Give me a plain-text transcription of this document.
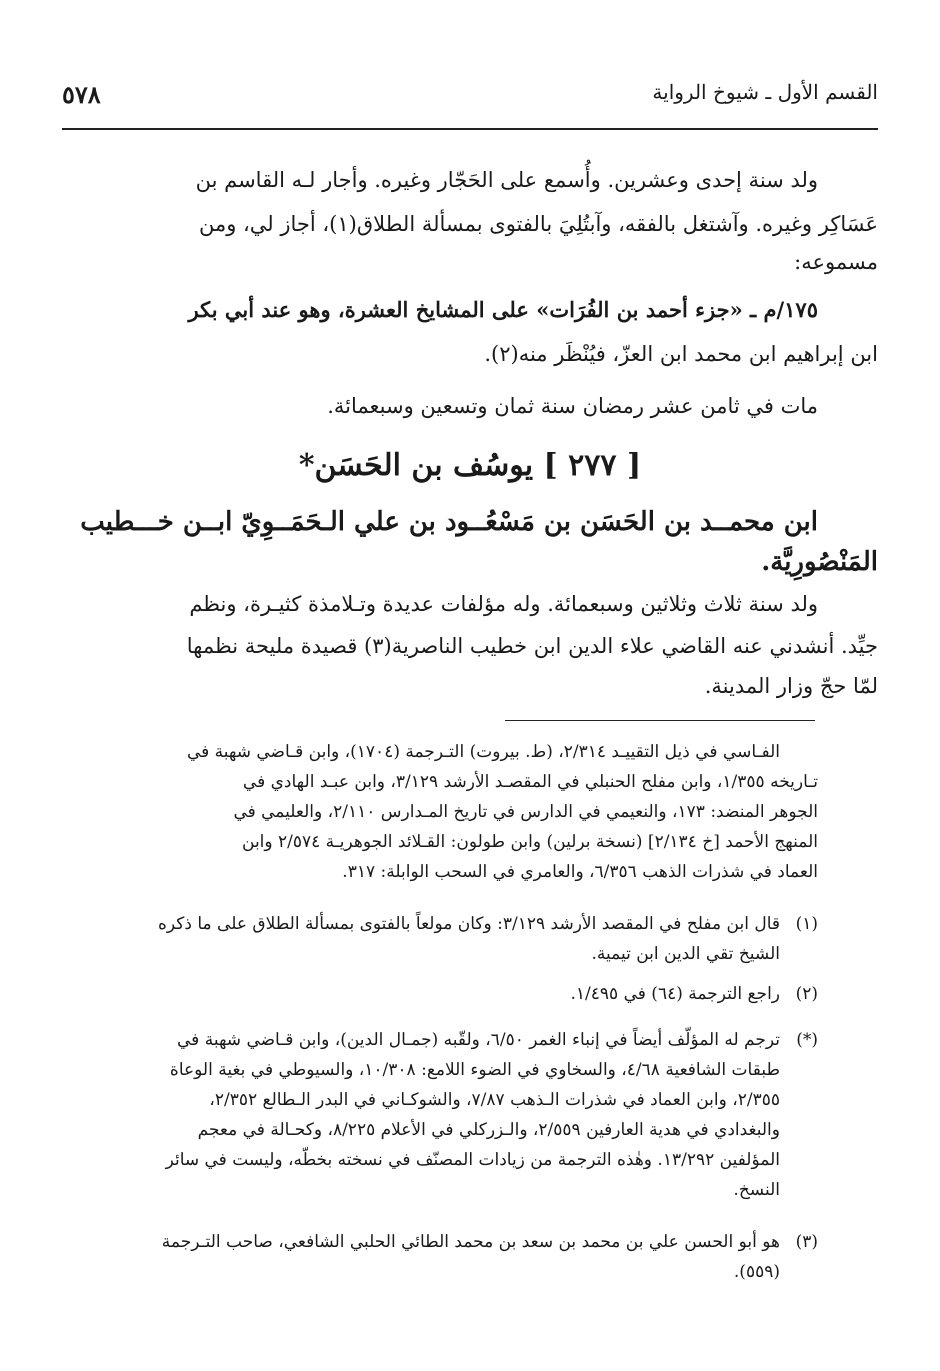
القسم الأول ـ شيوخ الرواية
٥٧٨
ولد سنة إحدى وعشرين. وأُسمع على الحَجّار وغيره. وأجار لـه القاسم بن
عَسَاكِر وغيره. وآشتغل بالفقه، وآبتُلِيَ بالفتوى بمسألة الطلاق(١)، أجاز لي، ومن
مسموعه:
١٧٥/م ـ «جزء أحمد بن الفُرَات» على المشايخ العشرة، وهو عند أبي بكر
ابن إبراهيم ابن محمد ابن العزّ، فيُنْظَر منه(٢).
مات في ثامن عشر رمضان سنة ثمان وتسعين وسبعمائة.
[ ٢٧٧ ] يوسُف بن الحَسَن*
ابن محمــد بن الحَسَن بن مَسْعُــود بن علي الـحَمَــوِيّ ابــن خـــطيب
المَنْصُورِيَّة.
ولد سنة ثلاث وثلاثين وسبعمائة. وله مؤلفات عديدة وتـلامذة كثيـرة، ونظم
جيِّد. أنشدني عنه القاضي علاء الدين ابن خطيب الناصرية(٣) قصيدة مليحة نظمها
لمّا حجّ وزار المدينة.
الفـاسي في ذيل التقييـد ٢/٣١٤، (ط. بيروت) التـرجمة (١٧٠٤)، وابن قـاضي شهبة في
تـاريخه ١/٣٥٥، وابن مفلح الحنبلي في المقصـد الأرشد ٣/١٢٩، وابن عبـد الهادي في
الجوهر المنضد: ١٧٣، والنعيمي في الدارس في تاريخ المـدارس ٢/١١٠، والعليمي في
المنهج الأحمد [خ ٢/١٣٤] (نسخة برلين) وابن طولون: القـلائد الجوهريـة ٢/٥٧٤ وابن
العماد في شذرات الذهب ٦/٣٥٦، والعامري في السحب الوابلة: ٣١٧.
(١)
قال ابن مفلح في المقصد الأرشد ٣/١٢٩: وكان مولعاً بالفتوى بمسألة الطلاق على ما ذكره
الشيخ تقي الدين ابن تيمية.
(٢)
راجع الترجمة (٦٤) في ١/٤٩٥.
(*)
ترجم له المؤلّف أيضاً في إنباء الغمر ٦/٥٠، ولقّبه (جمـال الدين)، وابن قـاضي شهبة في
طبقات الشافعية ٤/٦٨، والسخاوي في الضوء اللامع: ١٠/٣٠٨، والسيوطي في بغية الوعاة
٢/٣٥٥، وابن العماد في شذرات الـذهب ٧/٨٧، والشوكـاني في البدر الـطالع ٢/٣٥٢،
والبغدادي في هدية العارفين ٢/٥٥٩، والـزركلي في الأعلام ٨/٢٢٥، وكحـالة في معجم
المؤلفين ١٣/٢٩٢. وهٰذه الترجمة من زيادات المصنّف في نسخته بخطّه، وليست في سائر
النسخ.
(٣)
هو أبو الحسن علي بن محمد بن سعد بن محمد الطائي الحلبي الشافعي، صاحب التـرجمة
(٥٥٩).
